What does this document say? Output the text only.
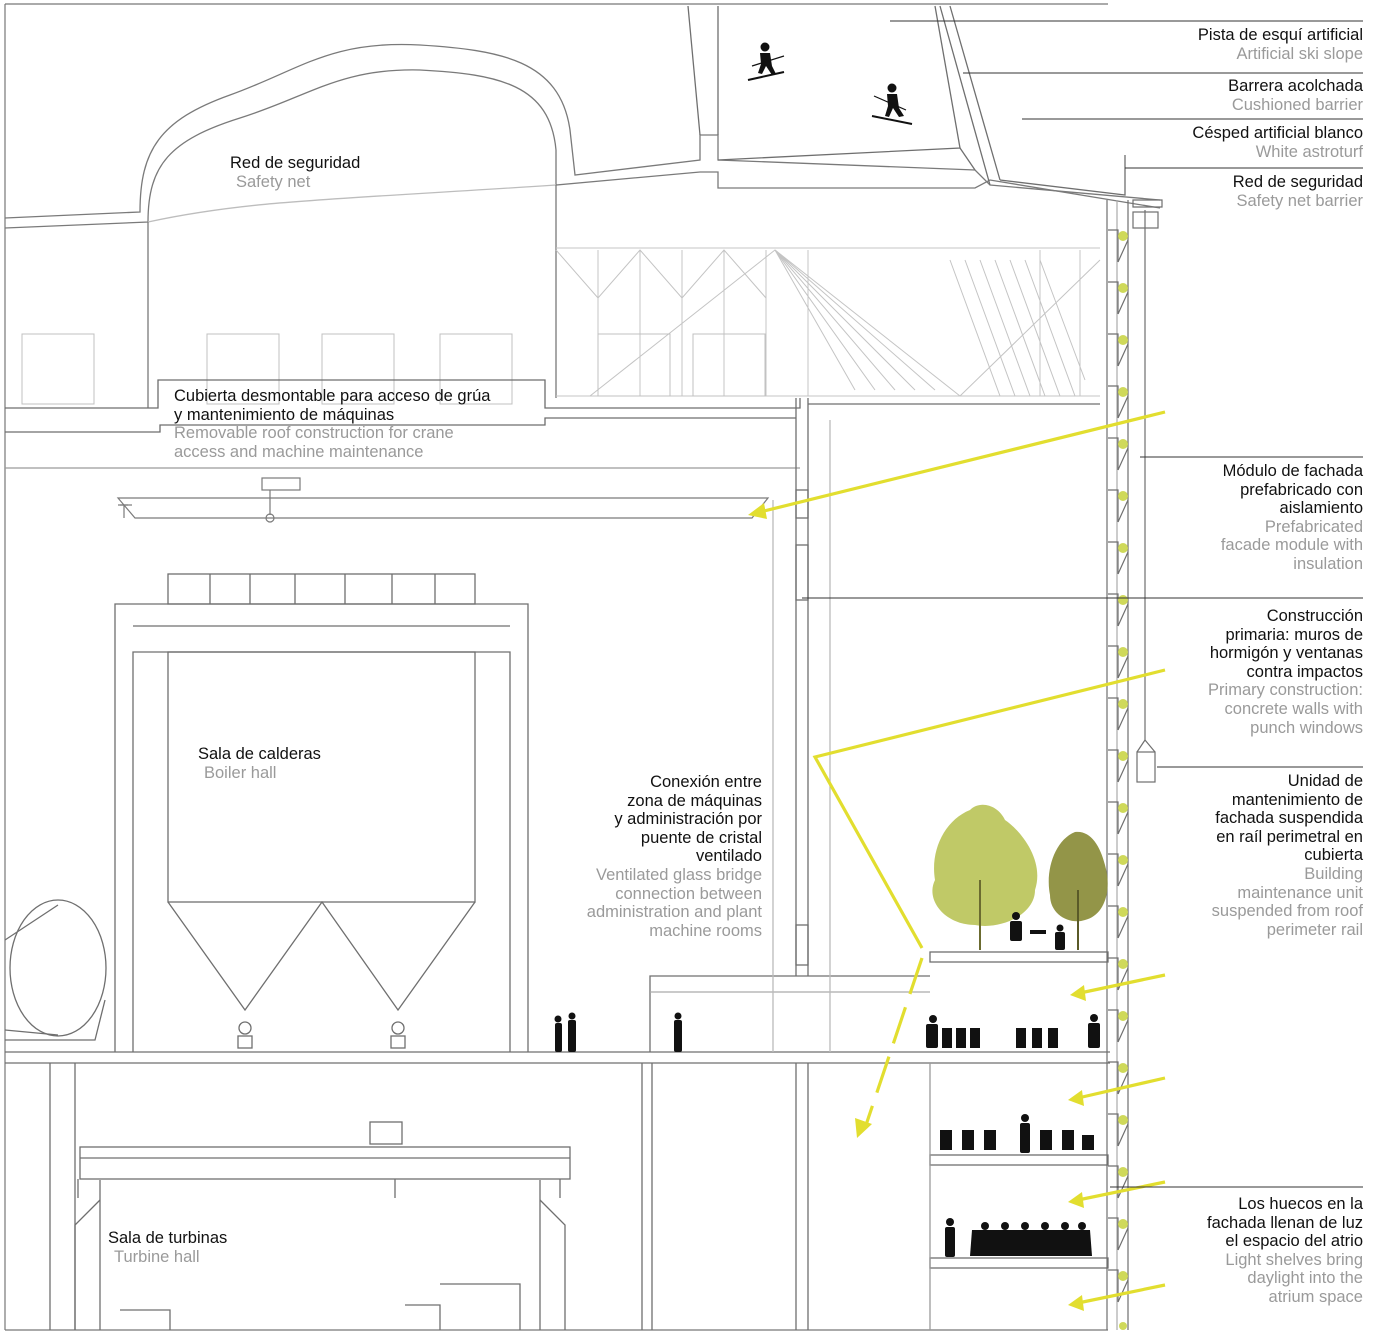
Red de seguridad
Safety net
Pista de esquí artificial
Artificial ski slope
Barrera acolchada
Cushioned barrier
Césped artificial blanco
White astroturf
Red de seguridad
Safety net barrier
Cubierta desmontable para acceso de grúa
y mantenimiento de máquinas
Removable roof construction for crane
access and machine maintenance
Módulo de fachada
prefabricado con
aislamiento
Prefabricated
facade module with
insulation
Construcción
primaria: muros de
hormigón y ventanas
contra impactos
Primary construction:
concrete walls with
punch windows
Sala de calderas
Boiler hall
Conexión entre
zona de máquinas
y administración por
puente de cristal
ventilado
Ventilated glass bridge
connection between
administration and plant
machine rooms
Unidad de
mantenimiento de
fachada suspendida
en raíl perimetral en
cubierta
Building
maintenance unit
suspended from roof
perimeter rail
Sala de turbinas
Turbine hall
Los huecos en la
fachada llenan de luz
el espacio del atrio
Light shelves bring
daylight into the
atrium space
